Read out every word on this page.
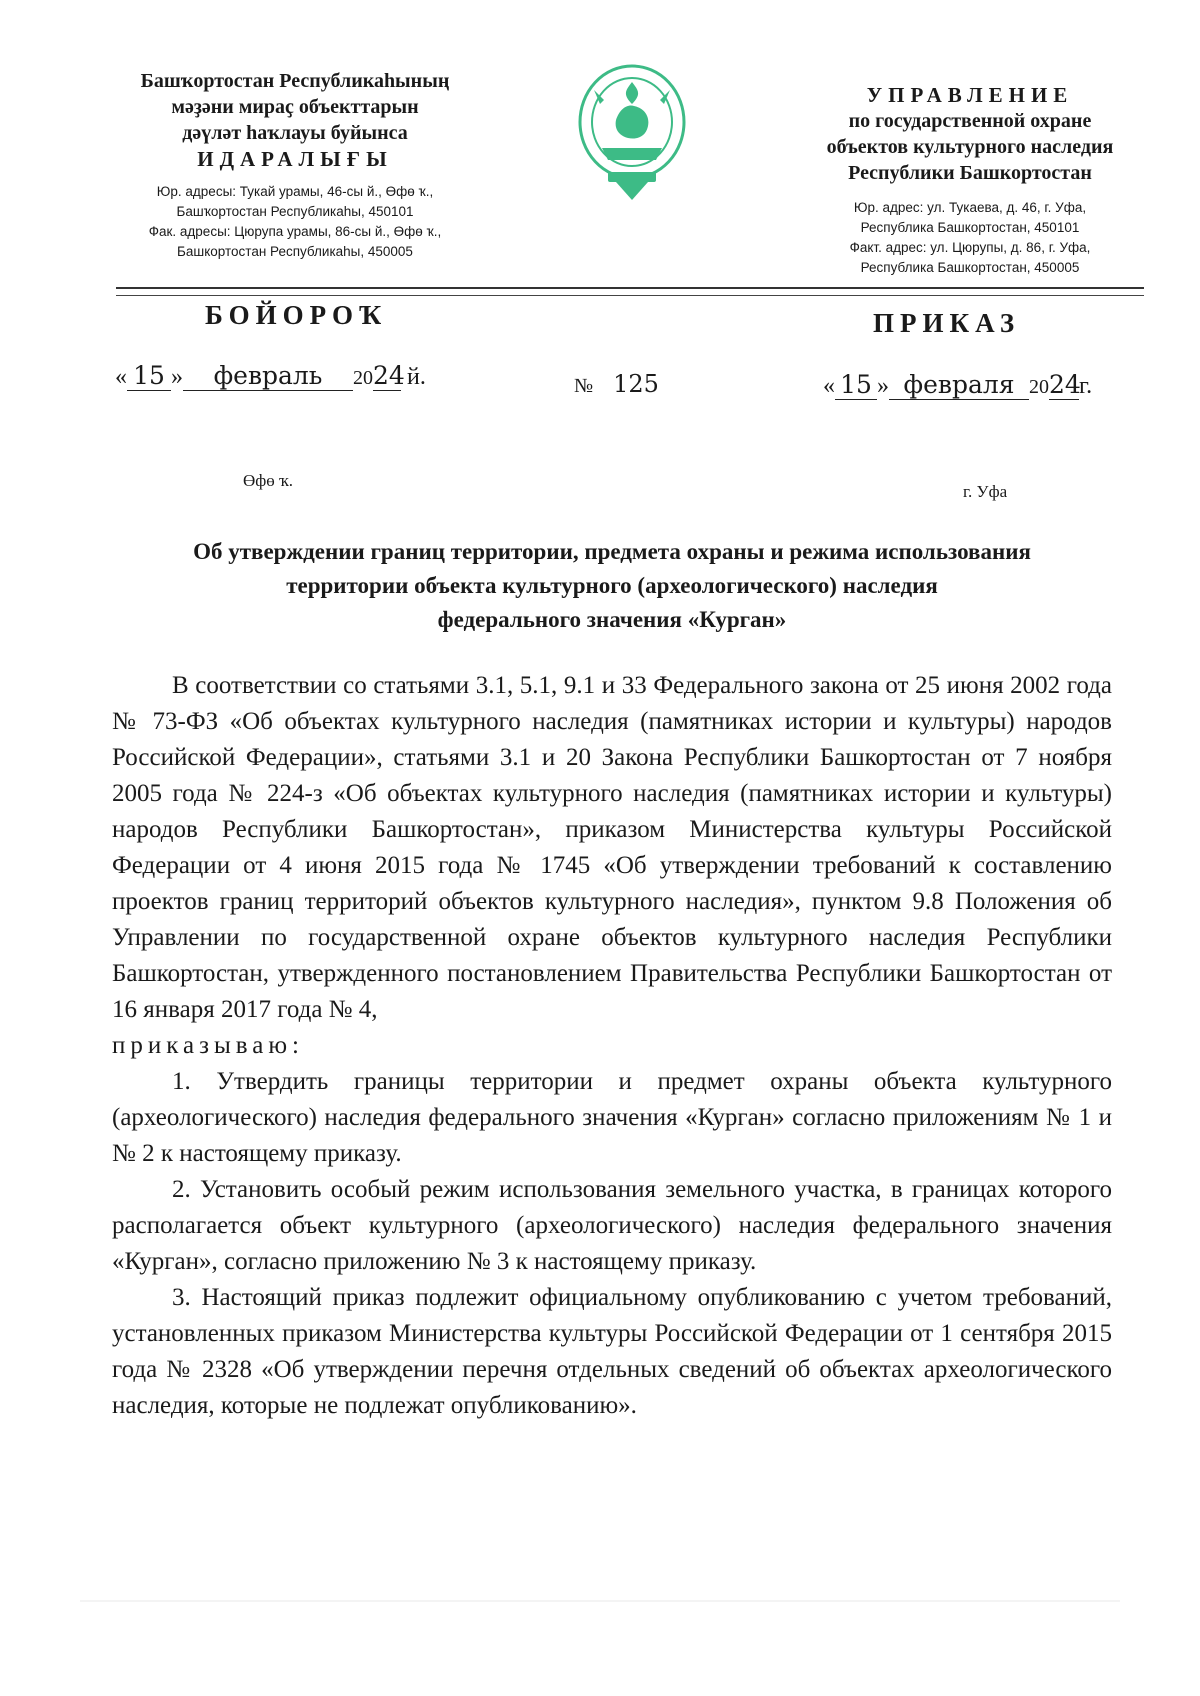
Башҡортостан Республикаһының

мәҙәни мираҫ объекттарын

дәүләт һаҡлауы буйынса

ИДАРАЛЫҒЫ

Юр. адресы: Тукай урамы, 46-сы й., Өфө ҡ.,

Башҡортостан Республикаһы, 450101

Фак. адресы: Цюрупа урамы, 86-сы й., Өфө ҡ.,

Башкортостан Республикаһы, 450005

УПРАВЛЕНИЕ

по государственной охране

объектов культурного наследия

Республики Башкортостан

Юр. адрес: ул. Тукаева, д. 46, г. Уфа,

Республика Башкортостан, 450101

Факт. адрес: ул. Цюрупы, д. 86, г. Уфа,

Республика Башкортостан, 450005

БОЙОРОҠ	ПРИКАЗ
« 15 » февраль 2024 й.	№ 125	« 15 » февраля 2024г.
Өфө ҡ.
г. Уфа

Об утверждении границ территории, предмета охраны и режима использования

территории объекта культурного (археологического) наследия

федерального значения «Курган»

В соответствии со статьями 3.1, 5.1, 9.1 и 33 Федерального закона от 25 июня 2002 года № 73-ФЗ «Об объектах культурного наследия (памятниках истории и культуры) народов Российской Федерации», статьями 3.1 и 20 Закона Республики Башкортостан от 7 ноября 2005 года № 224-з «Об объектах культурного наследия (памятниках истории и культуры) народов Республики Башкортостан», приказом Министерства культуры Российской Федерации от 4 июня 2015 года № 1745 «Об утверждении требований к составлению проектов границ территорий объектов культурного наследия», пунктом 9.8 Положения об Управлении по государственной охране объектов культурного наследия Республики Башкортостан, утвержденного постановлением Правительства Республики Башкортостан от 16 января 2017 года № 4,

приказываю:

1. Утвердить границы территории и предмет охраны объекта культурного (археологического) наследия федерального значения «Курган» согласно приложениям № 1 и № 2 к настоящему приказу.

2. Установить особый режим использования земельного участка, в границах которого располагается объект культурного (археологического) наследия федерального значения «Курган», согласно приложению № 3 к настоящему приказу.

3. Настоящий приказ подлежит официальному опубликованию с учетом требований, установленных приказом Министерства культуры Российской Федерации от 1 сентября 2015 года № 2328 «Об утверждении перечня отдельных сведений об объектах археологического наследия, которые не подлежат опубликованию».
